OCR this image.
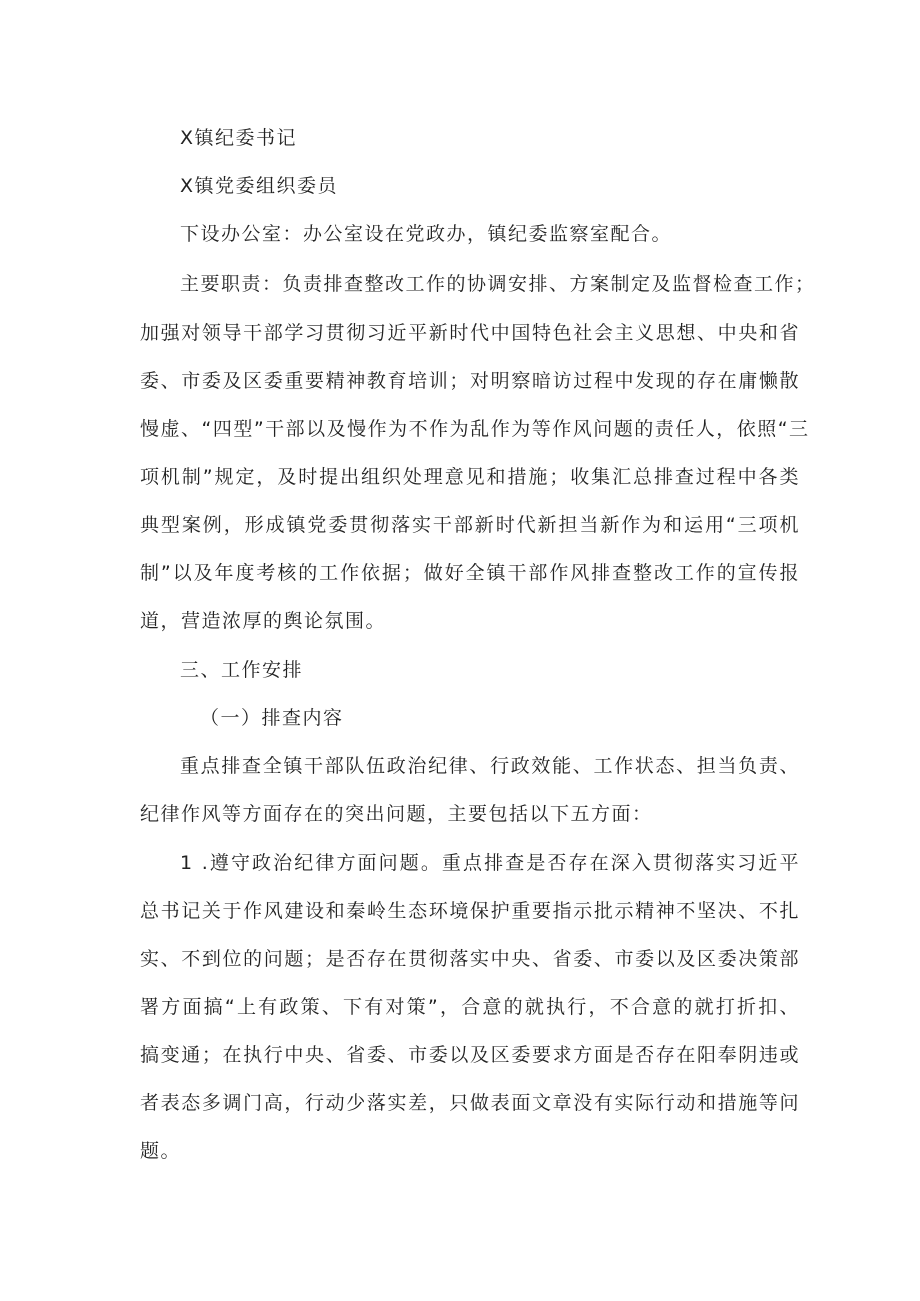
X镇纪委书记

X镇党委组织委员

下设办公室：办公室设在党政办，镇纪委监察室配合。

主要职责：负责排查整改工作的协调安排、方案制定及监督检查工作；

加强对领导干部学习贯彻习近平新时代中国特色社会主义思想、中央和省

委、市委及区委重要精神教育培训；对明察暗访过程中发现的存在庸懒散

慢虚、“四型”干部以及慢作为不作为乱作为等作风问题的责任人，依照“三

项机制”规定，及时提出组织处理意见和措施；收集汇总排查过程中各类

典型案例，形成镇党委贯彻落实干部新时代新担当新作为和运用“三项机

制”以及年度考核的工作依据；做好全镇干部作风排查整改工作的宣传报

道，营造浓厚的舆论氛围。

三、工作安排

（一）排查内容

重点排查全镇干部队伍政治纪律、行政效能、工作状态、担当负责、

纪律作风等方面存在的突出问题，主要包括以下五方面：

1 .遵守政治纪律方面问题。重点排查是否存在深入贯彻落实习近平

总书记关于作风建设和秦岭生态环境保护重要指示批示精神不坚决、不扎

实、不到位的问题；是否存在贯彻落实中央、省委、市委以及区委决策部

署方面搞“上有政策、下有对策”，合意的就执行，不合意的就打折扣、

搞变通；在执行中央、省委、市委以及区委要求方面是否存在阳奉阴违或

者表态多调门高，行动少落实差，只做表面文章没有实际行动和措施等问

题。
